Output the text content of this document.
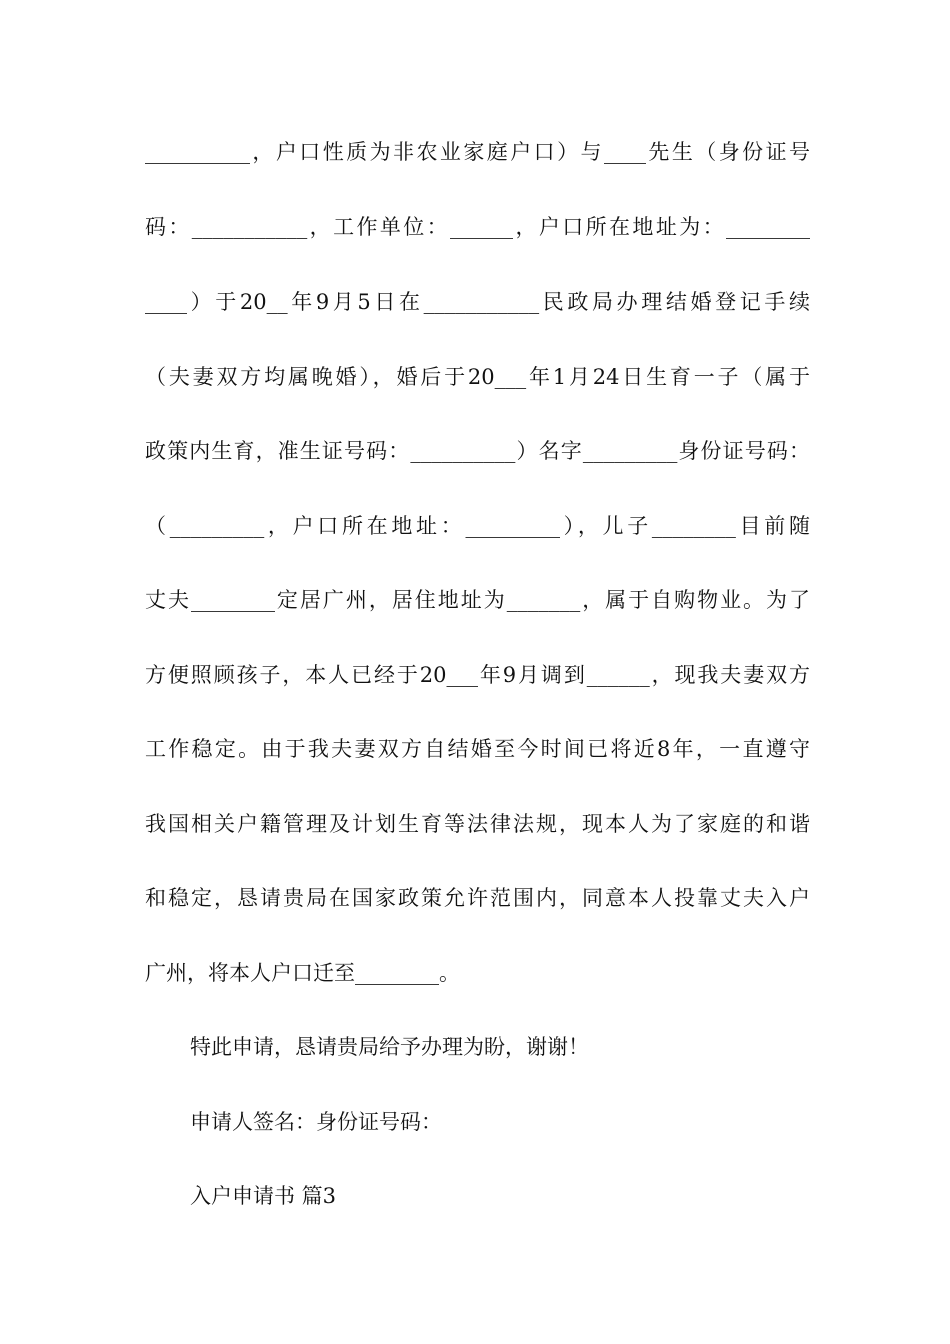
__________，户口性质为非农业家庭户口）与____先生（身份证号
码：___________，工作单位：______，户口所在地址为：________
____）于20__年9月5日在___________民政局办理结婚登记手续
（夫妻双方均属晚婚），婚后于20___年1月24日生育一子（属于
政策内生育，准生证号码：__________）名字_________身份证号码：
（_________，户口所在地址：_________），儿子________目前随
丈夫________定居广州，居住地址为_______，属于自购物业。为了
方便照顾孩子，本人已经于20___年9月调到______，现我夫妻双方
工作稳定。由于我夫妻双方自结婚至今时间已将近8年，一直遵守
我国相关户籍管理及计划生育等法律法规，现本人为了家庭的和谐
和稳定，恳请贵局在国家政策允许范围内，同意本人投靠丈夫入户
广州，将本人户口迁至________。
特此申请，恳请贵局给予办理为盼，谢谢！
申请人签名：身份证号码：
入户申请书 篇3
